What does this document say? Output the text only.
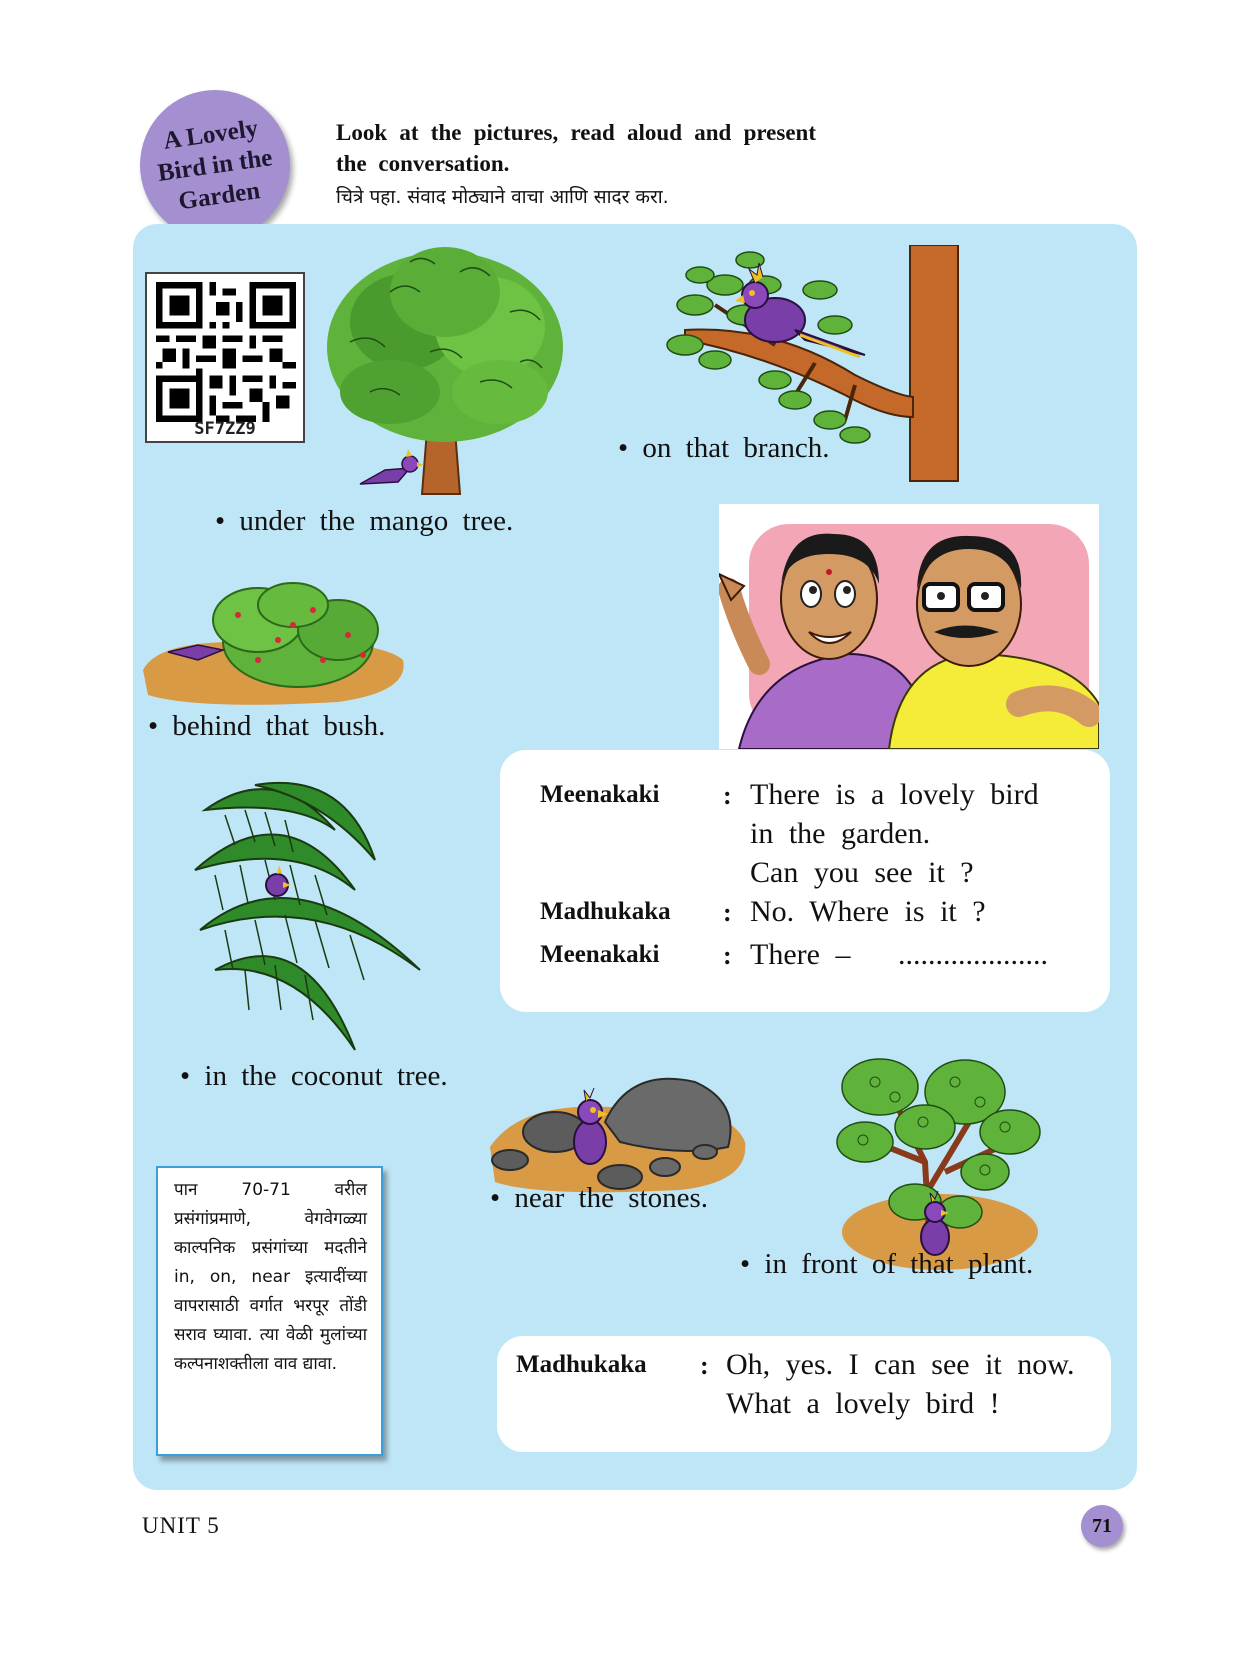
A Lovely Bird in the Garden
Look at the pictures, read aloud and present the conversation.
चित्रे पहा. संवाद मोठ्याने वाचा आणि सादर करा.
SF7ZZ9
• under the mango tree.
• on that branch.
• behind that bush.
• in the coconut tree.
• near the stones.
• in front of that plant.
Meenakaki : There is a lovely bird
in the garden.
Can you see it ?
Madhukaka : No. Where is it ?
Meenakaki : There – ....................
पान 70-71 वरील प्रसंगांप्रमाणे, वेगवेगळ्या काल्पनिक प्रसंगांच्या मदतीने in, on, near इत्यादींच्या वापरासाठी वर्गात भरपूर तोंडी सराव घ्यावा. त्या वेळी मुलांच्या कल्पनाशक्तीला वाव द्यावा.	Madhukaka : Oh, yes. I can see it now.
What a lovely bird !
UNIT 5	71
